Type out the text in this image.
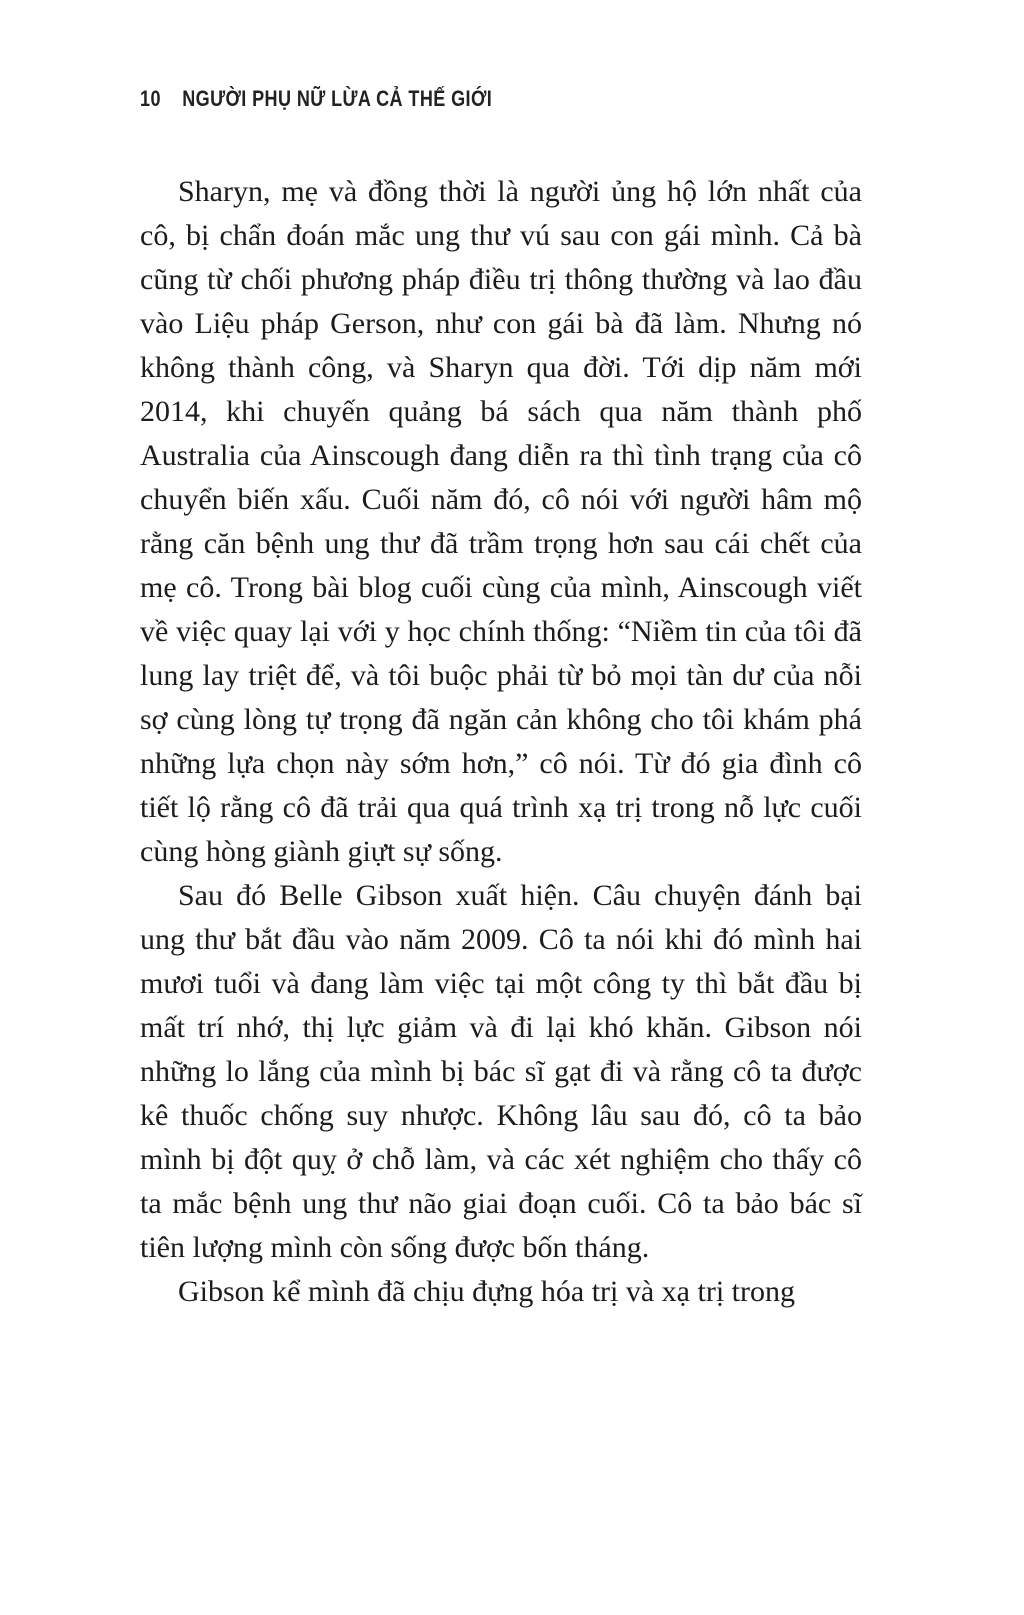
10 NGƯỜI PHỤ NỮ LỪA CẢ THẾ GIỚI

Sharyn, mẹ và đồng thời là người ủng hộ lớn nhất của cô, bị chẩn đoán mắc ung thư vú sau con gái mình. Cả bà cũng từ chối phương pháp điều trị thông thường và lao đầu vào Liệu pháp Gerson, như con gái bà đã làm. Nhưng nó không thành công, và Sharyn qua đời. Tới dịp năm mới 2014, khi chuyến quảng bá sách qua năm thành phố Australia của Ainscough đang diễn ra thì tình trạng của cô chuyển biến xấu. Cuối năm đó, cô nói với người hâm mộ rằng căn bệnh ung thư đã trầm trọng hơn sau cái chết của mẹ cô. Trong bài blog cuối cùng của mình, Ainscough viết về việc quay lại với y học chính thống: “Niềm tin của tôi đã lung lay triệt để, và tôi buộc phải từ bỏ mọi tàn dư của nỗi sợ cùng lòng tự trọng đã ngăn cản không cho tôi khám phá những lựa chọn này sớm hơn,” cô nói. Từ đó gia đình cô tiết lộ rằng cô đã trải qua quá trình xạ trị trong nỗ lực cuối cùng hòng giành giựt sự sống.

Sau đó Belle Gibson xuất hiện. Câu chuyện đánh bại ung thư bắt đầu vào năm 2009. Cô ta nói khi đó mình hai mươi tuổi và đang làm việc tại một công ty thì bắt đầu bị mất trí nhớ, thị lực giảm và đi lại khó khăn. Gibson nói những lo lắng của mình bị bác sĩ gạt đi và rằng cô ta được kê thuốc chống suy nhược. Không lâu sau đó, cô ta bảo mình bị đột quỵ ở chỗ làm, và các xét nghiệm cho thấy cô ta mắc bệnh ung thư não giai đoạn cuối. Cô ta bảo bác sĩ tiên lượng mình còn sống được bốn tháng.

Gibson kể mình đã chịu đựng hóa trị và xạ trị trong
